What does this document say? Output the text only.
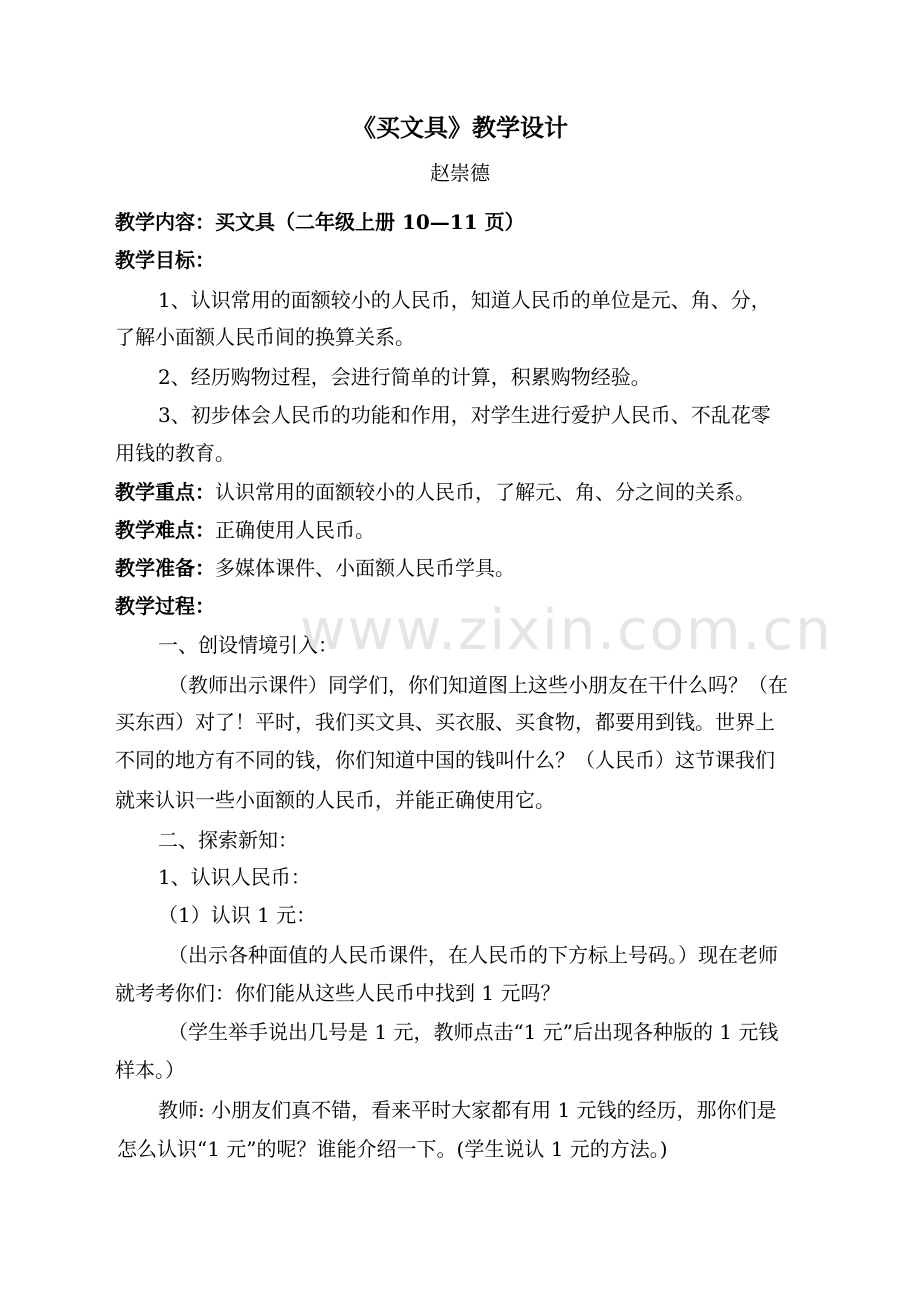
《买文具》教学设计
赵崇德
教学内容：买文具（二年级上册 10—11 页）
教学目标：
1、认识常用的面额较小的人民币，知道人民币的单位是元、角、分，
了解小面额人民币间的换算关系。
2、经历购物过程，会进行简单的计算，积累购物经验。
3、初步体会人民币的功能和作用，对学生进行爱护人民币、不乱花零
用钱的教育。
教学重点：认识常用的面额较小的人民币，了解元、角、分之间的关系。
教学难点：正确使用人民币。
教学准备：多媒体课件、小面额人民币学具。
教学过程：
一、创设情境引入：
（教师出示课件）同学们，你们知道图上这些小朋友在干什么吗？（在
买东西）对了！平时，我们买文具、买衣服、买食物，都要用到钱。世界上
不同的地方有不同的钱，你们知道中国的钱叫什么？（人民币）这节课我们
就来认识一些小面额的人民币，并能正确使用它。
二、探索新知：
1、认识人民币：
（1）认识 1 元：
（出示各种面值的人民币课件，在人民币的下方标上号码。）现在老师
就考考你们：你们能从这些人民币中找到 1 元吗？
（学生举手说出几号是 1 元，教师点击“1 元”后出现各种版的 1 元钱
样本。）
教师: 小朋友们真不错，看来平时大家都有用 1 元钱的经历，那你们是
怎么认识“1 元”的呢？谁能介绍一下。(学生说认 1 元的方法。)
www.zixin.com.cn
